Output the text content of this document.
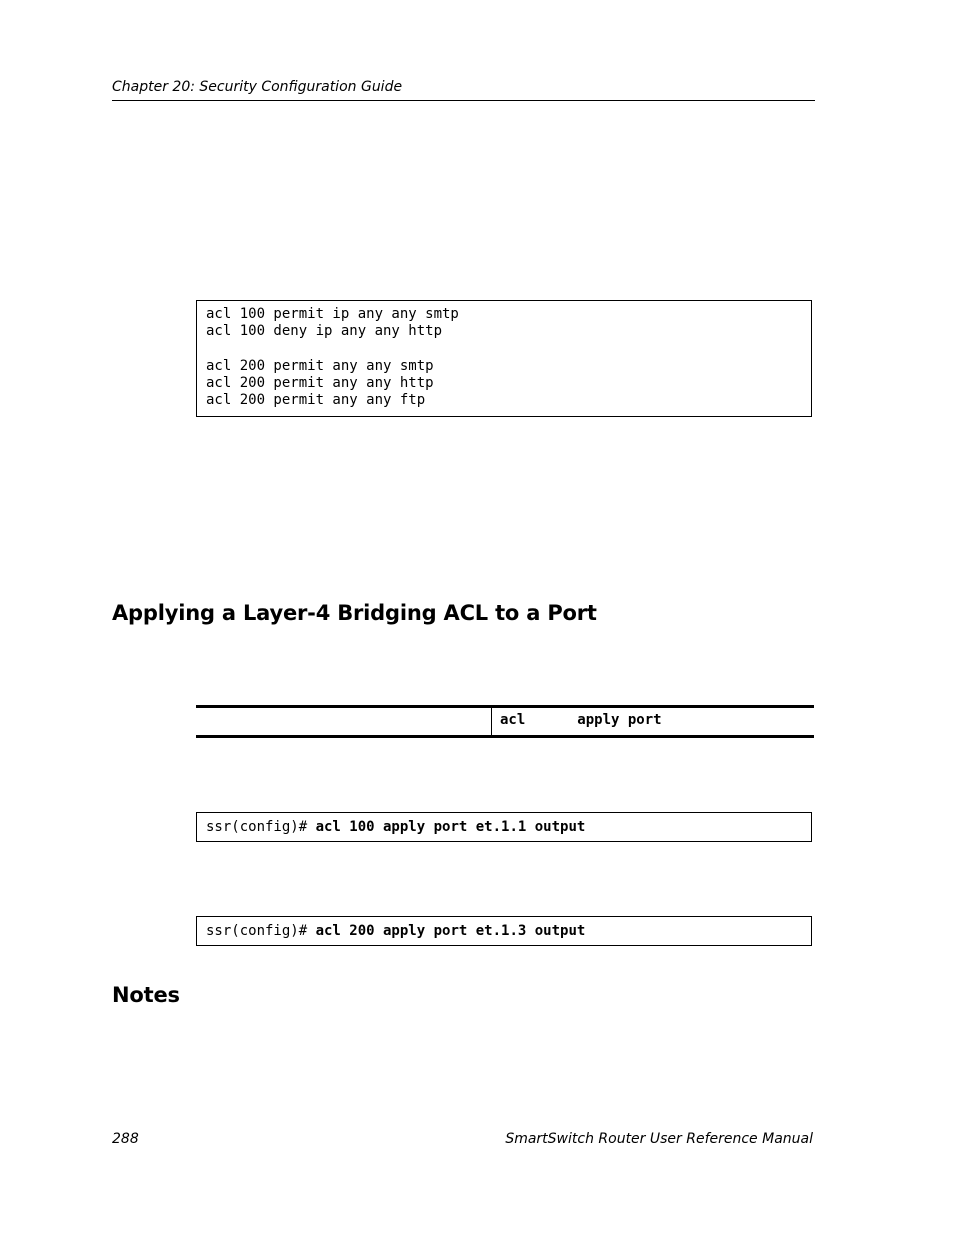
Chapter 20: Security Configuration Guide
acl 100 permit ip any any smtp
acl 100 deny ip any any http
acl 200 permit any any smtp
acl 200 permit any any http
acl 200 permit any any ftp
Applying a Layer-4 Bridging ACL to a Port
acl	apply port
ssr(config)# acl 100 apply port et.1.1 output
ssr(config)# acl 200 apply port et.1.3 output
Notes
288	SmartSwitch Router User Reference Manual
